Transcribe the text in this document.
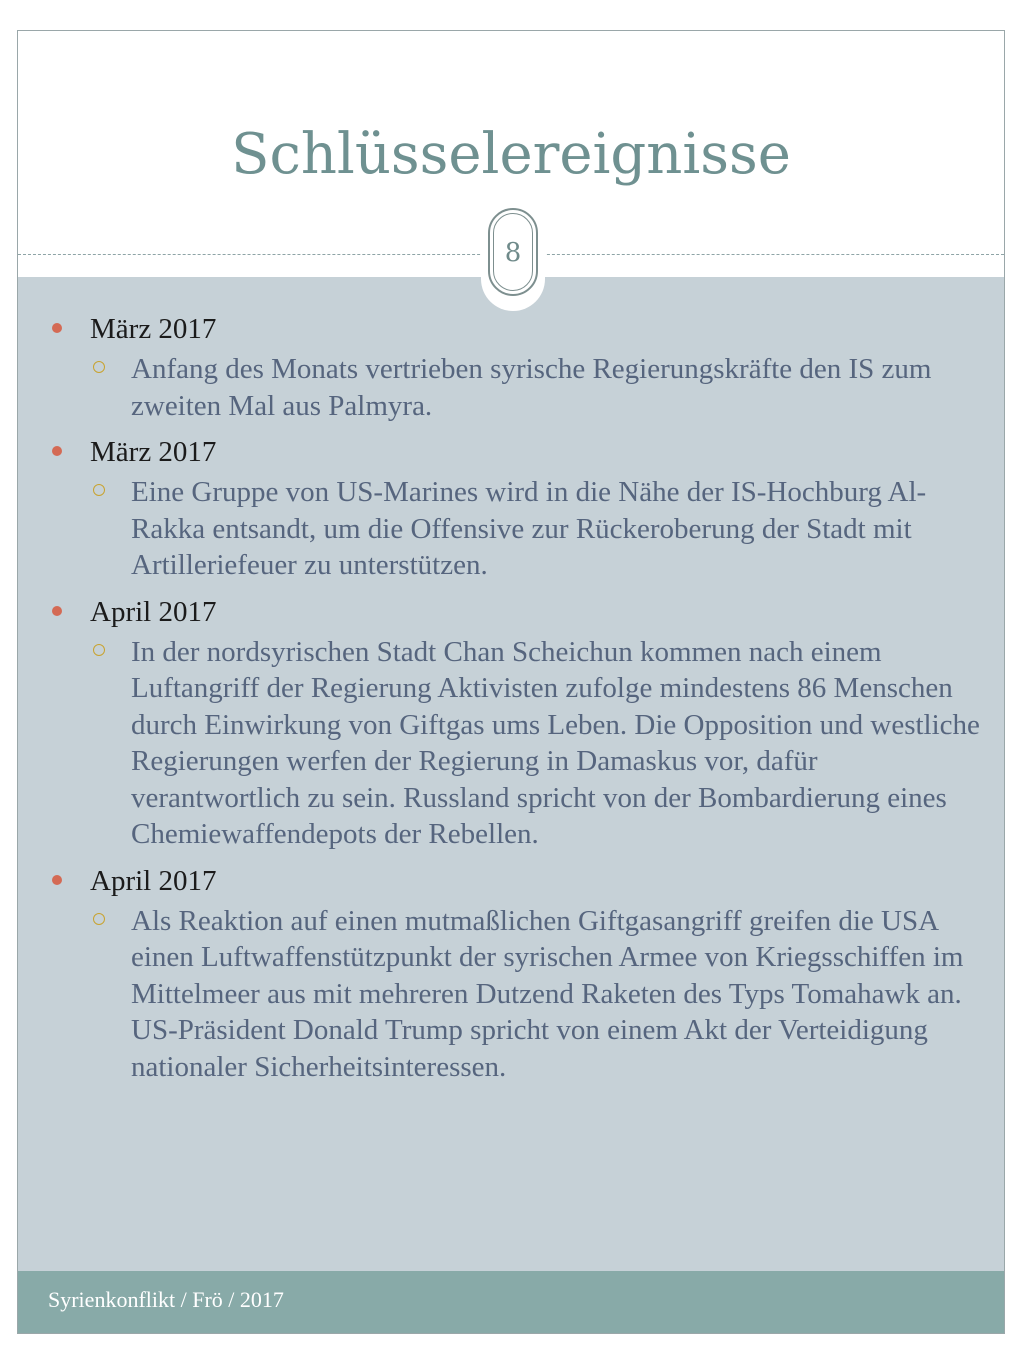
Schlüsselereignisse
8
März 2017
Anfang des Monats vertrieben syrische Regierungskräfte den IS zum zweiten Mal aus Palmyra.
März 2017
Eine Gruppe von US-Marines wird in die Nähe der IS-Hochburg Al-Rakka entsandt, um die Offensive zur Rückeroberung der Stadt mit Artilleriefeuer zu unterstützen.
April 2017
In der nordsyrischen Stadt Chan Scheichun kommen nach einem Luftangriff der Regierung Aktivisten zufolge mindestens 86 Menschen durch Einwirkung von Giftgas ums Leben. Die Opposition und westliche Regierungen werfen der Regierung in Damaskus vor, dafür verantwortlich zu sein. Russland spricht von der Bombardierung eines Chemiewaffendepots der Rebellen.
April 2017
Als Reaktion auf einen mutmaßlichen Giftgasangriff greifen die USA einen Luftwaffenstützpunkt der syrischen Armee von Kriegsschiffen im Mittelmeer aus mit mehreren Dutzend Raketen des Typs Tomahawk an. US-Präsident Donald Trump spricht von einem Akt der Verteidigung nationaler Sicherheitsinteressen.
Syrienkonflikt / Frö / 2017
